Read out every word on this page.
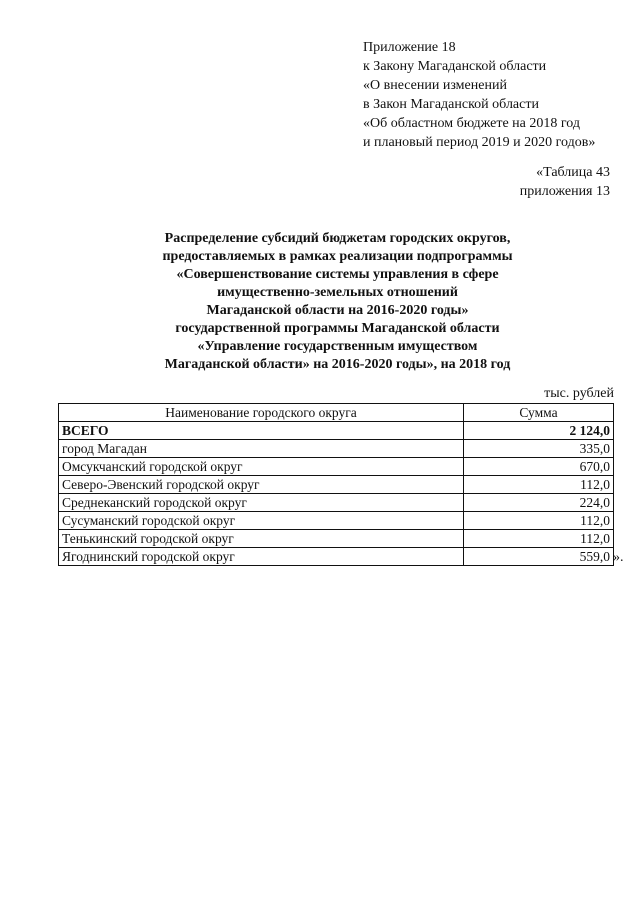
Приложение 18
к Закону Магаданской области
«О внесении изменений
в Закон Магаданской области
«Об областном бюджете на 2018 год
и плановый период 2019 и 2020 годов»
«Таблица 43
приложения 13
Распределение субсидий бюджетам городских округов,
предоставляемых в рамках реализации подпрограммы
«Совершенствование системы управления в сфере
имущественно-земельных отношений
Магаданской области на 2016-2020 годы»
государственной программы Магаданской области
«Управление государственным имуществом
Магаданской области» на 2016-2020 годы», на 2018 год
тыс. рублей
Наименование городского округа	Сумма
ВСЕГО	2 124,0
город Магадан	335,0
Омсукчанский городской округ	670,0
Северо-Эвенский городской округ	112,0
Среднеканский городской округ	224,0
Сусуманский городской округ	112,0
Тенькинский городской округ	112,0
Ягоднинский городской округ	559,0 ».
